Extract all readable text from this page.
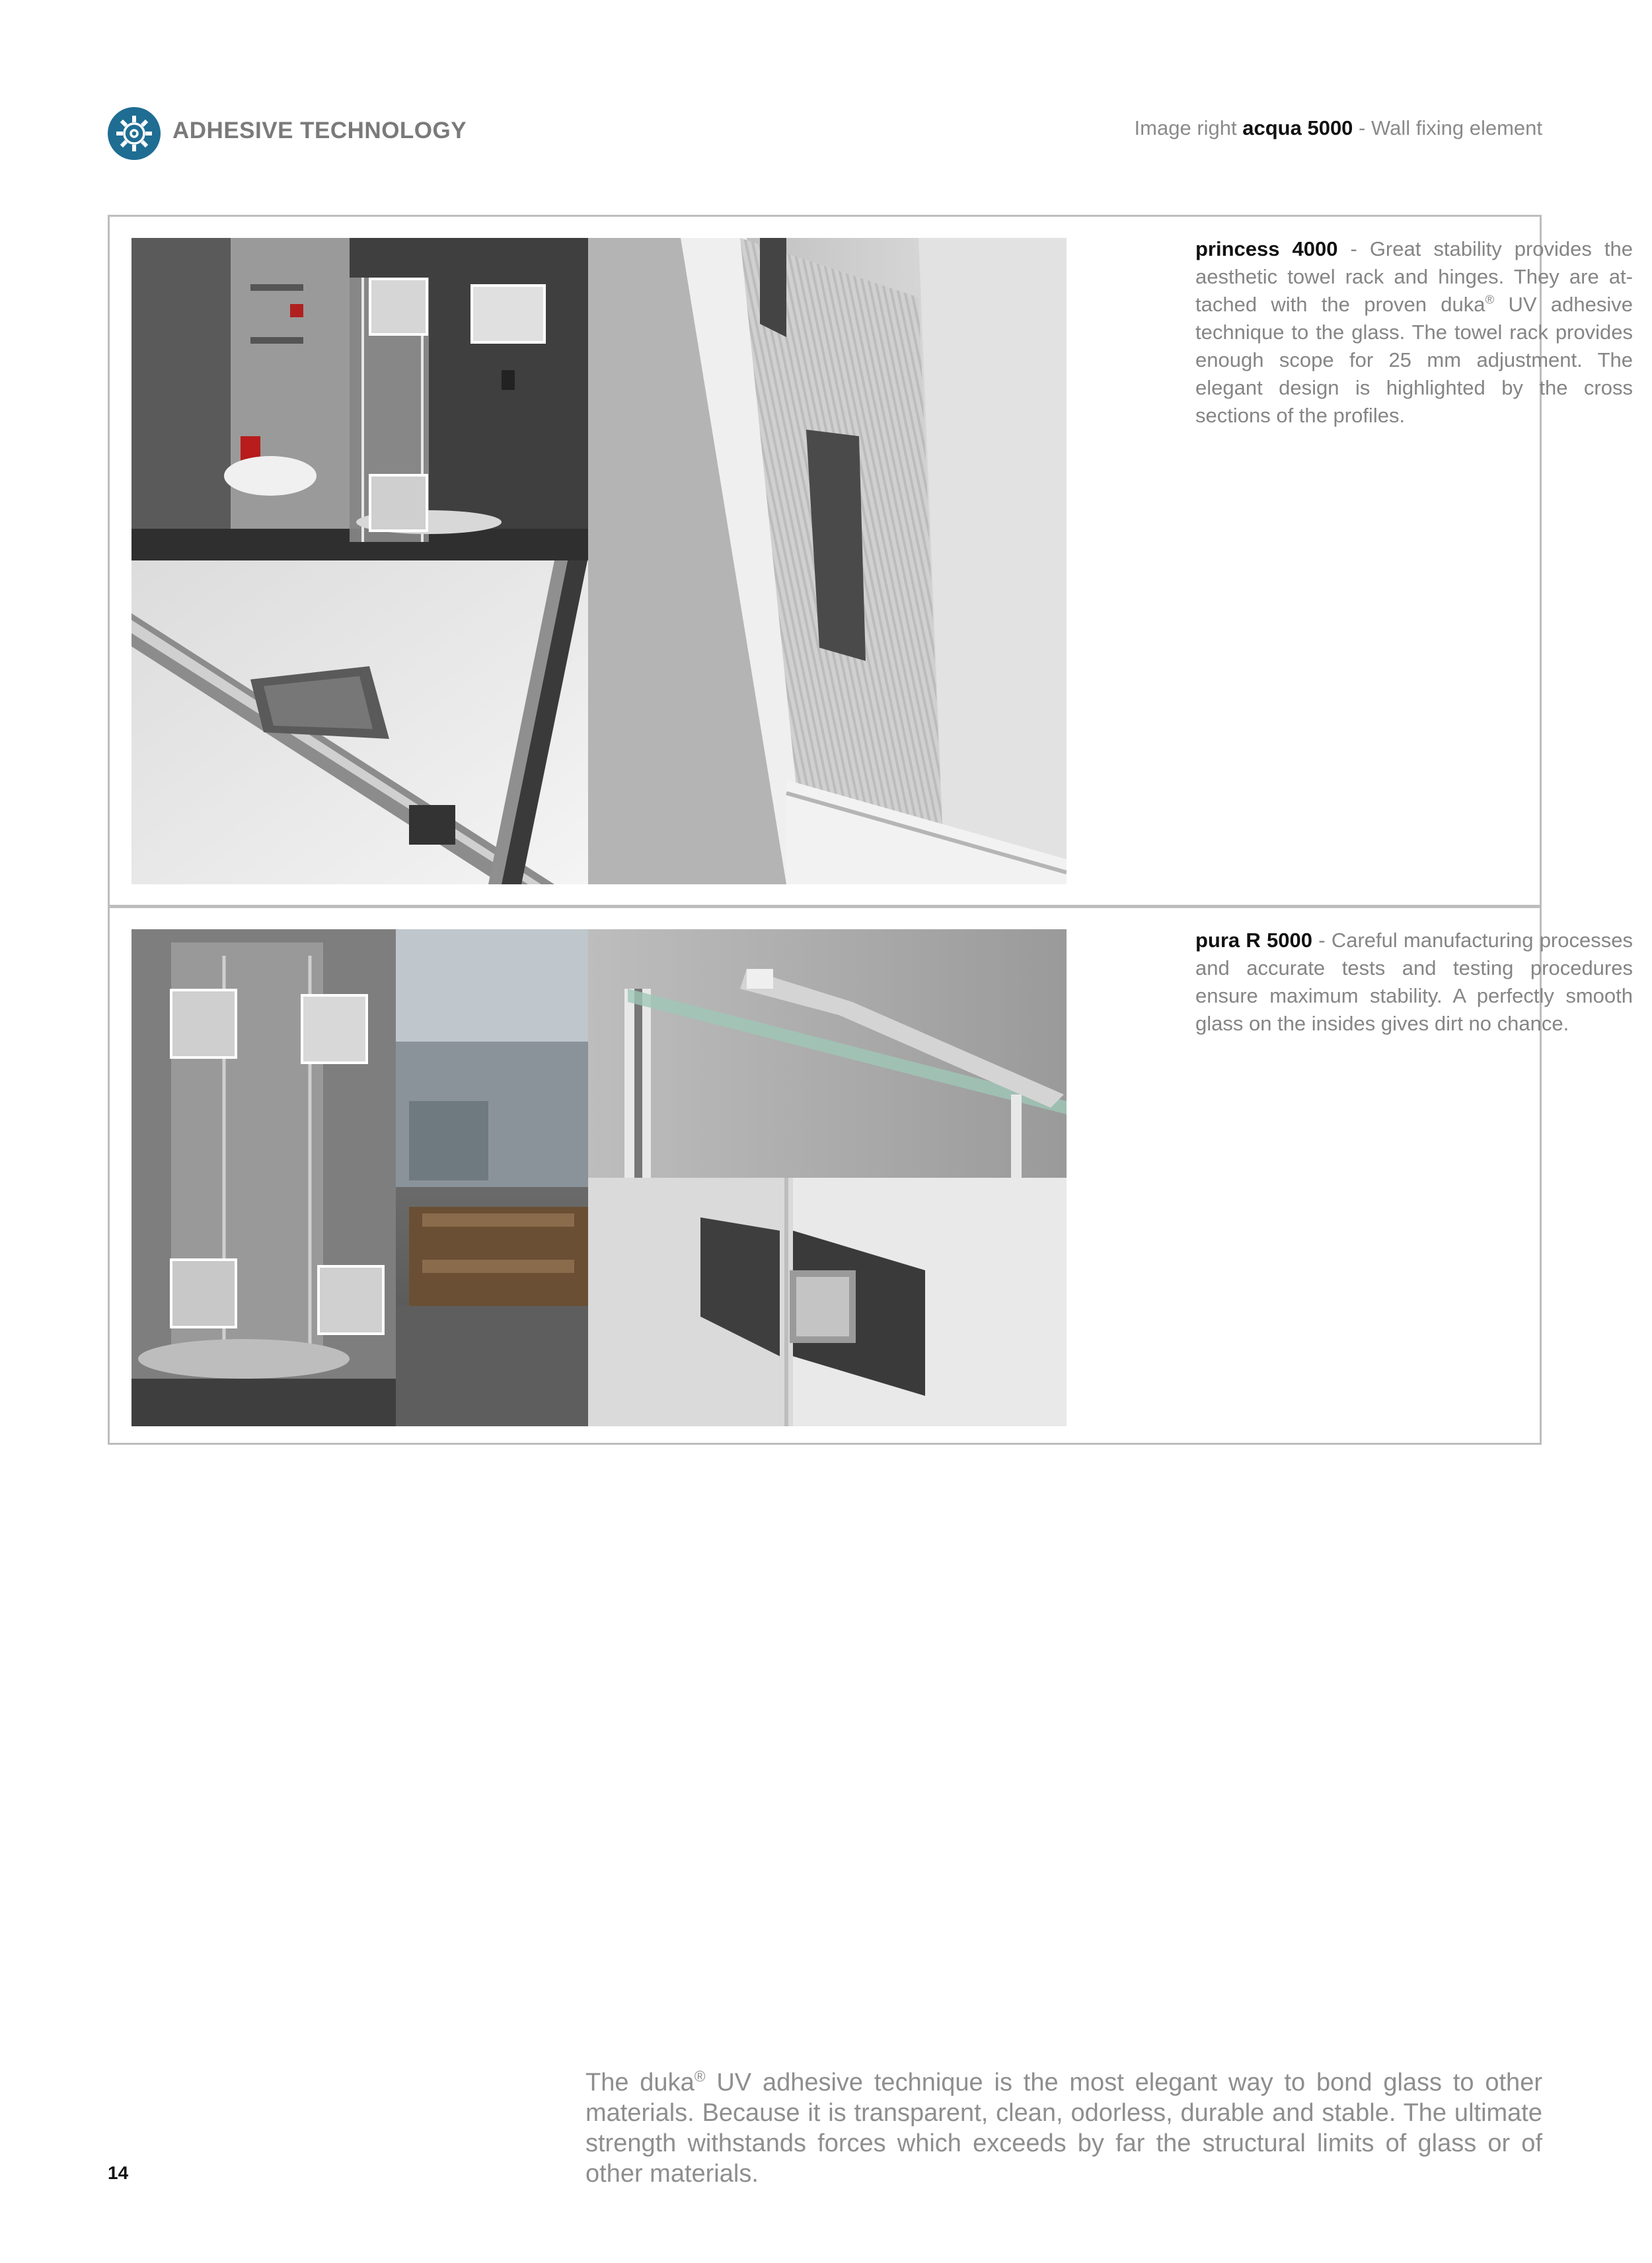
ADHESIVE TECHNOLOGY	Image right acqua 5000 - Wall fixing element
princess 4000 - Great stability provides the aesthetic towel rack and hinges. They are attached with the proven duka® UV adhesive technique to the glass. The towel rack provides enough scope for 25 mm adjustment. The elegant design is highlighted by the cross sections of the profiles.
pura R 5000 - Careful manufacturing processes and accurate tests and testing procedures ensure maximum stability. A perfectly smooth glass on the insides gives dirt no chance.
The duka® UV adhesive technique is the most elegant way to bond glass to other materials. Because it is transparent, clean, odorless, durable and stable. The ultimate strength withstands forces which exceeds by far the structural limits of glass or of other materials.
14
